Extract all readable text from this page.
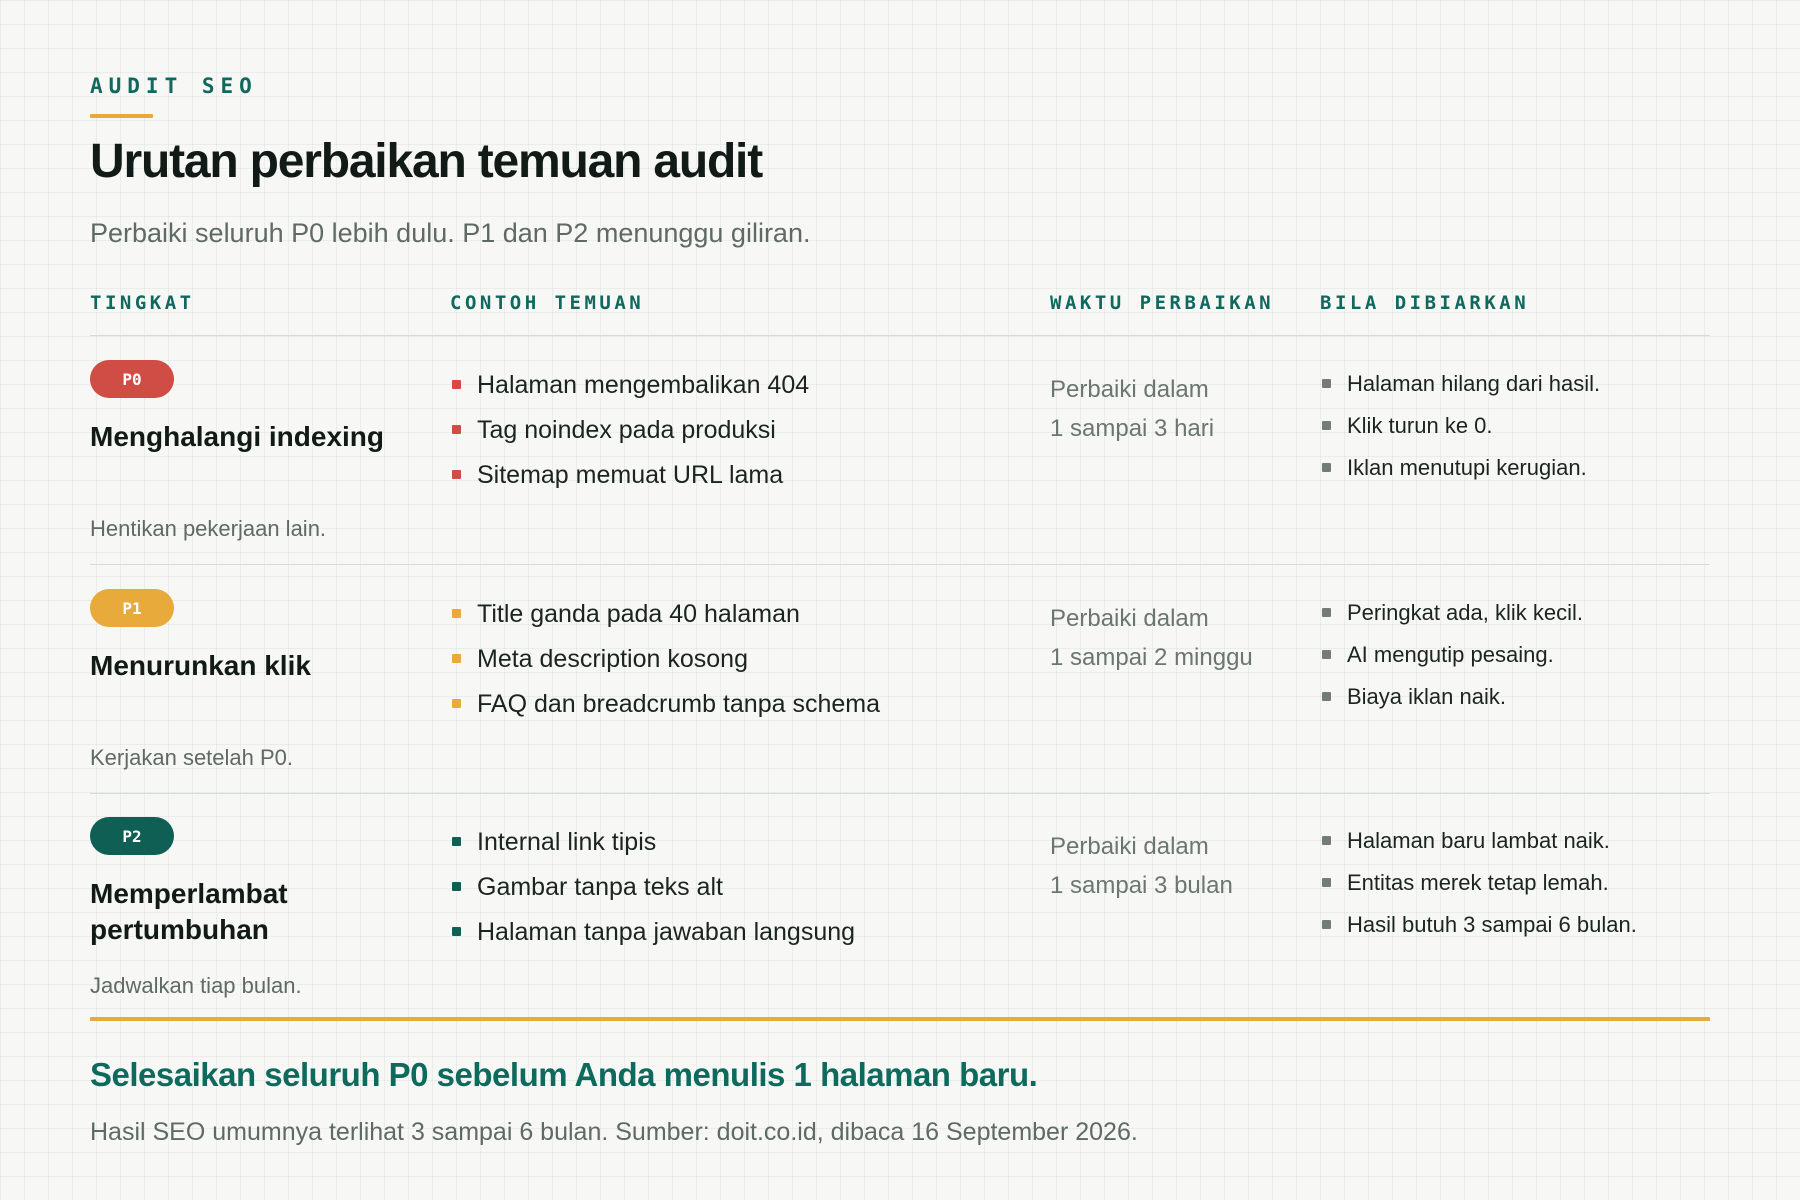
AUDIT SEO
Urutan perbaikan temuan audit

Perbaiki seluruh P0 lebih dulu. P1 dan P2 menunggu giliran.

TINGKAT	CONTOH TEMUAN	WAKTU PERBAIKAN BILA DIBIARKAN
P0
Menghalangi indexing
Hentikan pekerjaan lain.
Halaman mengembalikan 404
Tag noindex pada produksi
Sitemap memuat URL lama
Perbaiki dalam
1 sampai 3 hari
Halaman hilang dari hasil.
Klik turun ke 0.
Iklan menutupi kerugian.
P1
Menurunkan klik
Kerjakan setelah P0.
Title ganda pada 40 halaman
Meta description kosong
FAQ dan breadcrumb tanpa schema
Perbaiki dalam
1 sampai 2 minggu
Peringkat ada, klik kecil.
AI mengutip pesaing.
Biaya iklan naik.
P2
Memperlambat pertumbuhan
Jadwalkan tiap bulan.
Internal link tipis
Gambar tanpa teks alt
Halaman tanpa jawaban langsung
Perbaiki dalam
1 sampai 3 bulan
Halaman baru lambat naik.
Entitas merek tetap lemah.
Hasil butuh 3 sampai 6 bulan.
Selesaikan seluruh P0 sebelum Anda menulis 1 halaman baru.
Hasil SEO umumnya terlihat 3 sampai 6 bulan. Sumber: doit.co.id, dibaca 16 September 2026.
